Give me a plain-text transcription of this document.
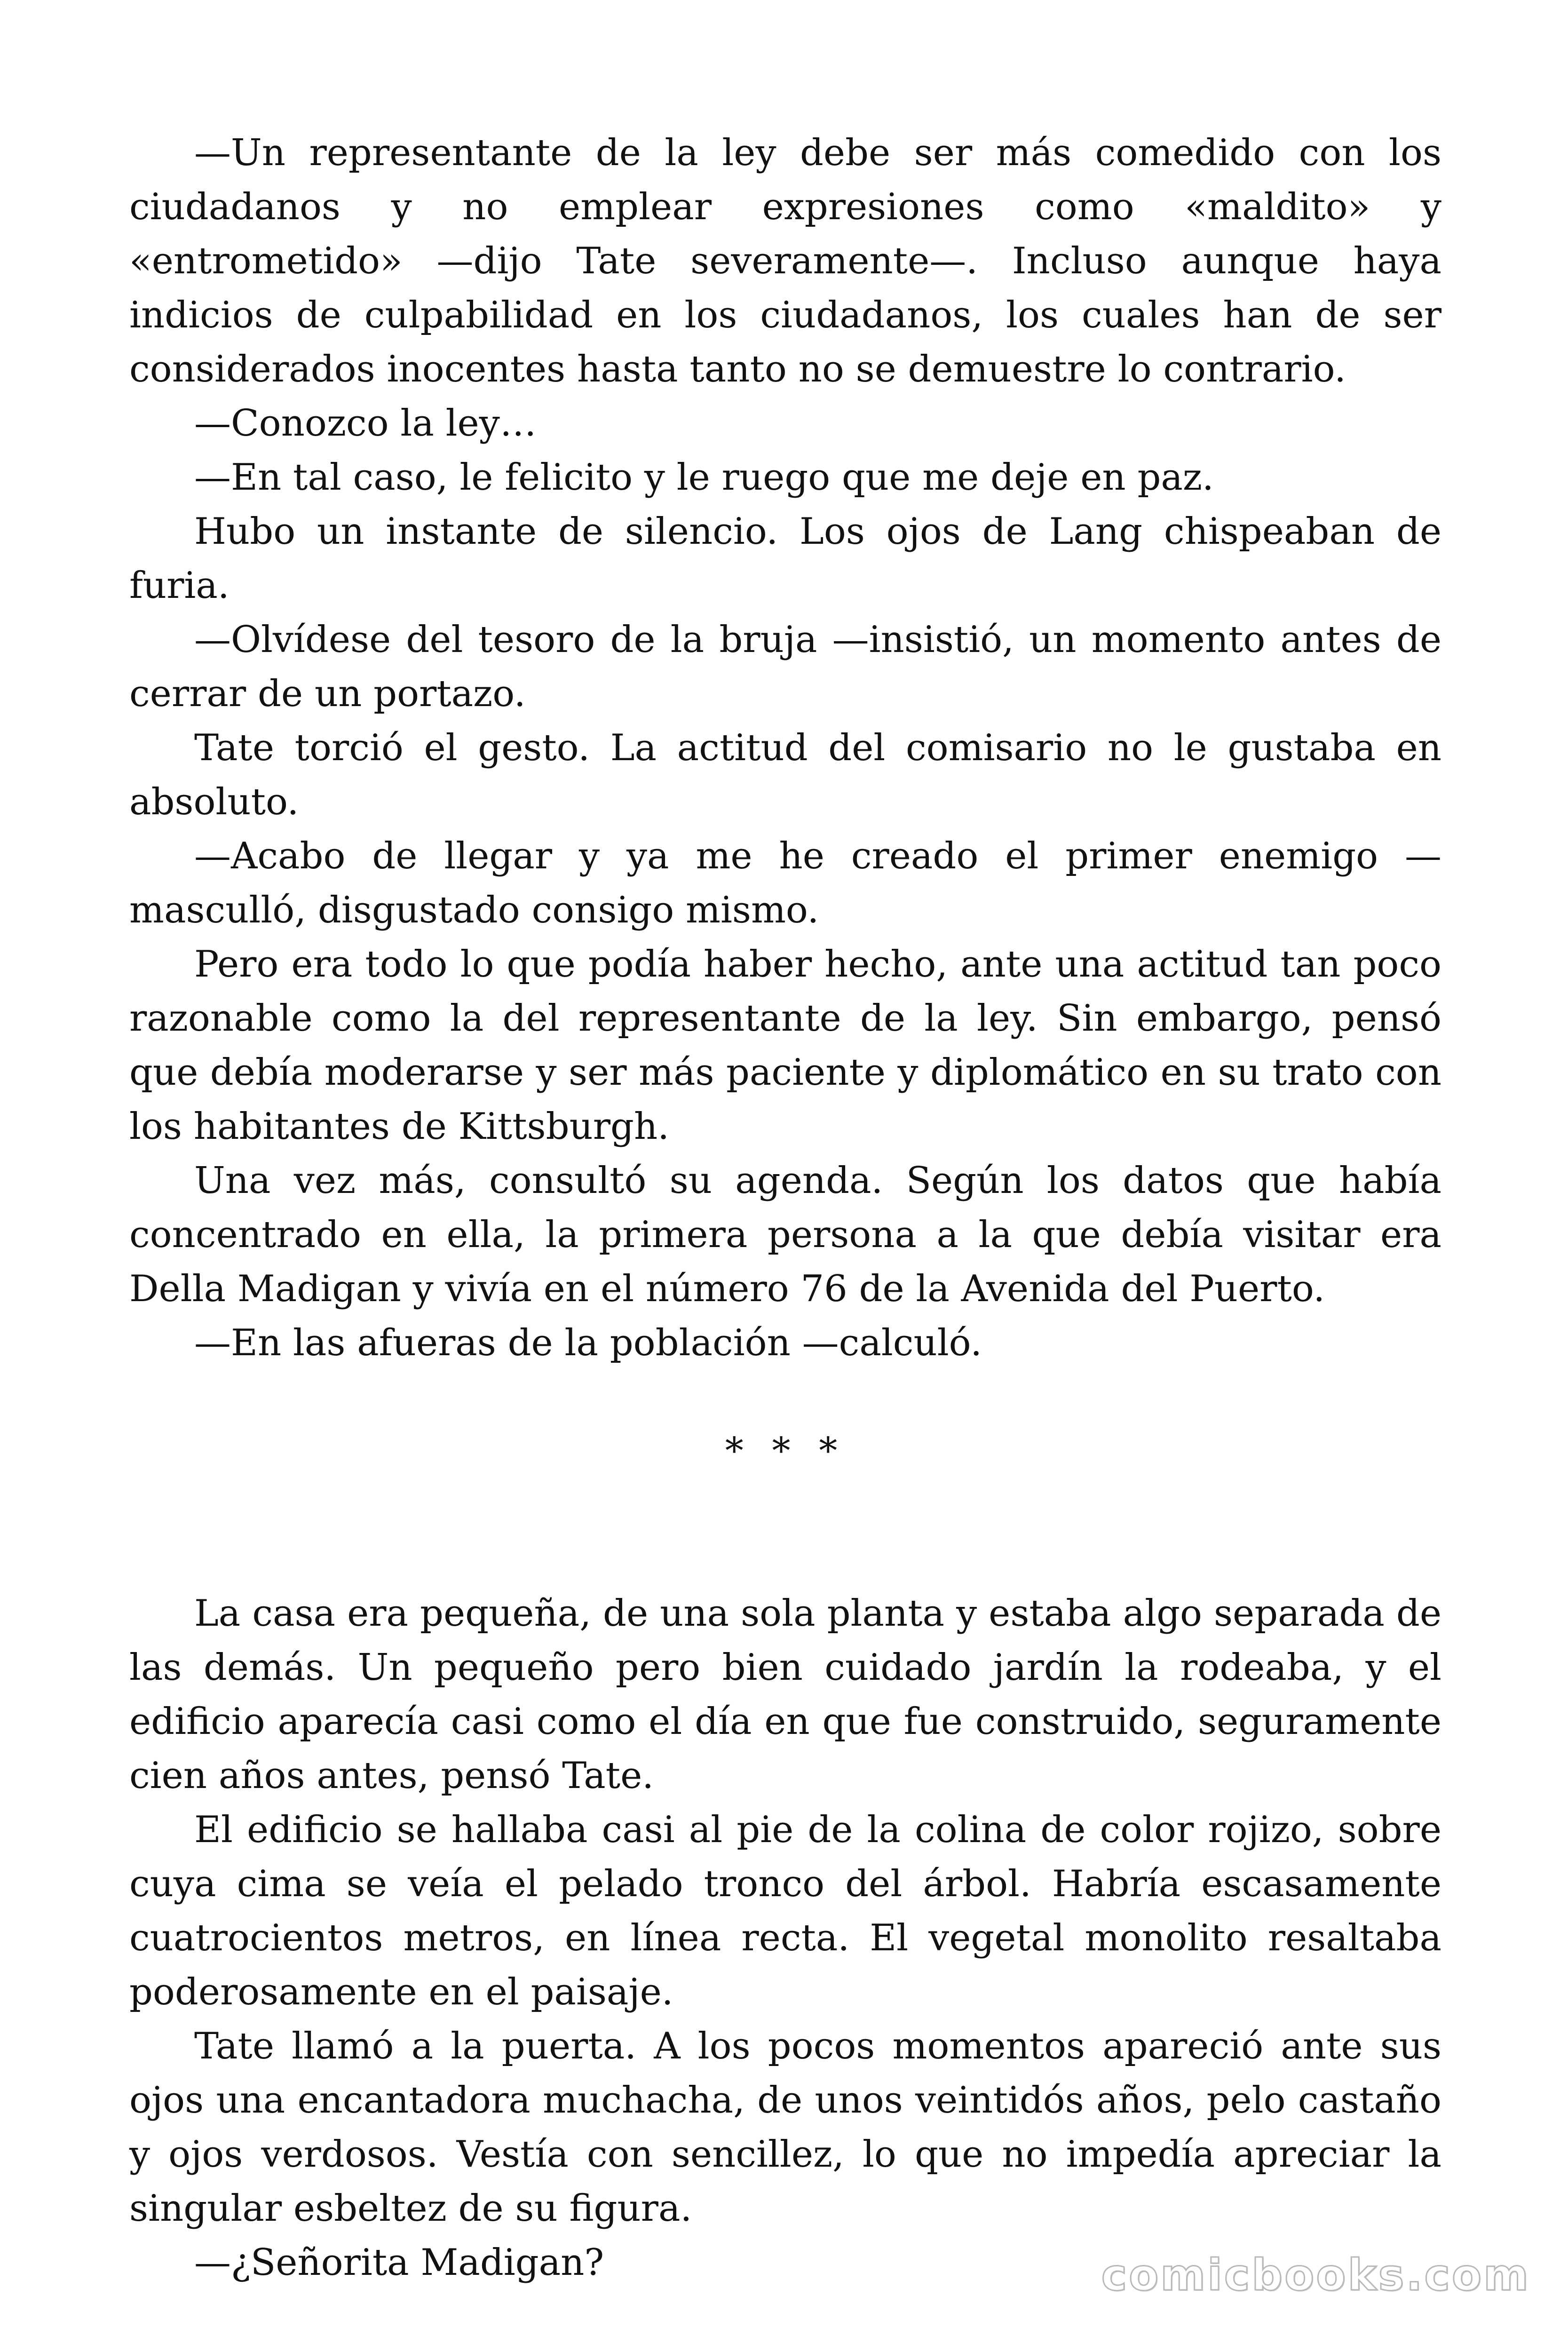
—Un representante de la ley debe ser más comedido con los ciudadanos y no emplear expresiones como «maldito» y «entrometido» —dijo Tate severamente—. Incluso aunque haya indicios de culpabilidad en los ciudadanos, los cuales han de ser considerados inocentes hasta tanto no se demuestre lo contrario.

—Conozco la ley…

—En tal caso, le felicito y le ruego que me deje en paz.

Hubo un instante de silencio. Los ojos de Lang chispeaban de furia.

—Olvídese del tesoro de la bruja —insistió, un momento antes de cerrar de un portazo.

Tate torció el gesto. La actitud del comisario no le gustaba en absoluto.

—Acabo de llegar y ya me he creado el primer enemigo — masculló, disgustado consigo mismo.

Pero era todo lo que podía haber hecho, ante una actitud tan poco razonable como la del representante de la ley. Sin embargo, pensó que debía moderarse y ser más paciente y diplomático en su trato con los habitantes de Kittsburgh.

Una vez más, consultó su agenda. Según los datos que había concentrado en ella, la primera persona a la que debía visitar era Della Madigan y vivía en el número 76 de la Avenida del Puerto.

—En las afueras de la población —calculó.

* * *

La casa era pequeña, de una sola planta y estaba algo separada de las demás. Un pequeño pero bien cuidado jardín la rodeaba, y el edificio aparecía casi como el día en que fue construido, seguramente cien años antes, pensó Tate.

El edificio se hallaba casi al pie de la colina de color rojizo, sobre cuya cima se veía el pelado tronco del árbol. Habría escasamente cuatrocientos metros, en línea recta. El vegetal monolito resaltaba poderosamente en el paisaje.

Tate llamó a la puerta. A los pocos momentos apareció ante sus ojos una encantadora muchacha, de unos veintidós años, pelo castaño y ojos verdosos. Vestía con sencillez, lo que no impedía apreciar la singular esbeltez de su figura.

—¿Señorita Madigan?	comicbooks.com
